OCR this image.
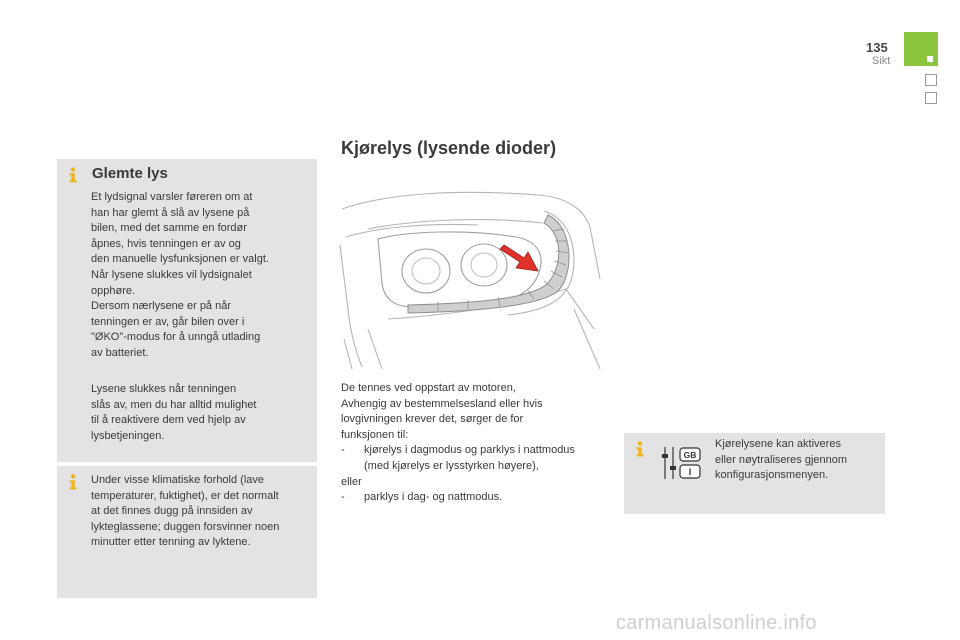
135
Sikt
Glemte lys
Et lydsignal varsler føreren om at
han har glemt å slå av lysene på
bilen, med det samme en fordør
åpnes, hvis tenningen er av og
den manuelle lysfunksjonen er valgt.
Når lysene slukkes vil lydsignalet
opphøre.
Dersom nærlysene er på når
tenningen er av, går bilen over i
"ØKO"-modus for å unngå utlading
av batteriet.
Lysene slukkes når tenningen
slås av, men du har alltid mulighet
til å reaktivere dem ved hjelp av
lysbetjeningen.
Under visse klimatiske forhold (lave
temperaturer, fuktighet), er det normalt
at det finnes dugg på innsiden av
lykteglassene; duggen forsvinner noen
minutter etter tenning av lyktene.
Kjørelys (lysende dioder)
De tennes ved oppstart av motoren,
Avhengig av bestemmelsesland eller hvis
lovgivningen krever det, sørger de for
funksjonen til:
-	kjørelys i dagmodus og parklys i nattmodus
(med kjørelys er lysstyrken høyere),
eller
-	parklys i dag- og nattmodus.
GB
I
Kjørelysene kan aktiveres
eller nøytraliseres gjennom
konfigurasjonsmenyen.
carmanualsonline.info
